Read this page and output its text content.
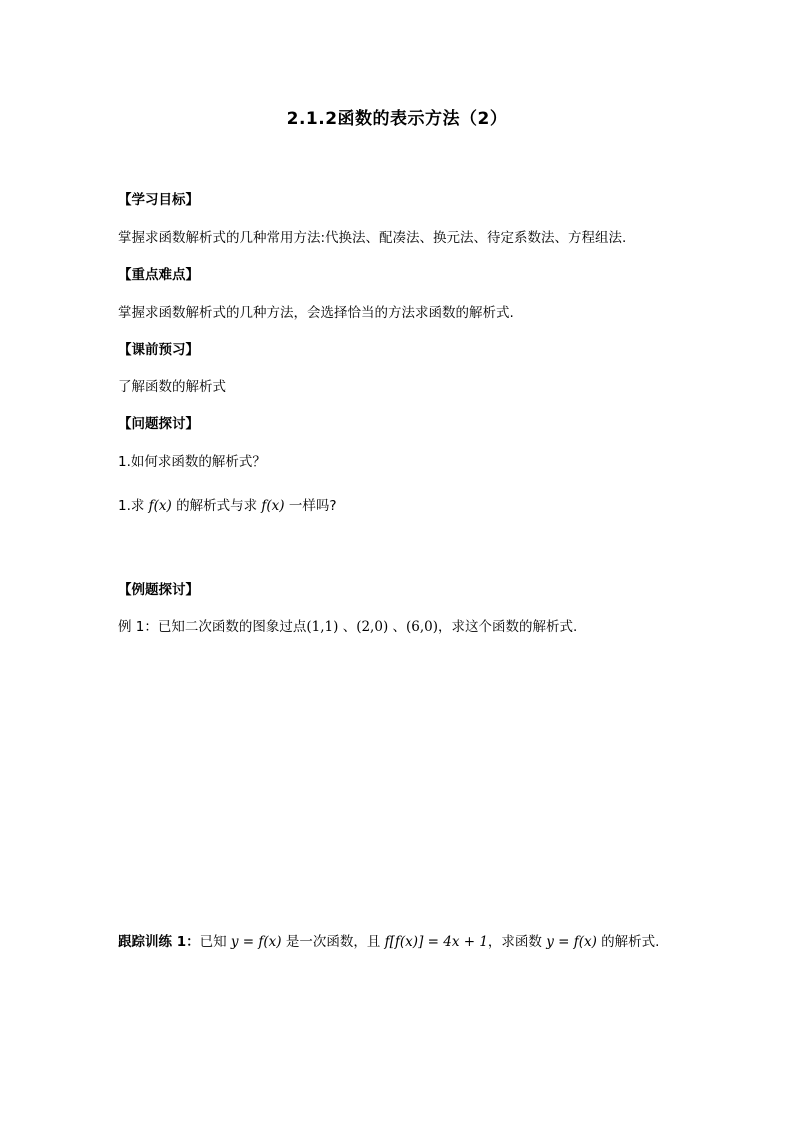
2.1.2函数的表示方法（2）

【学习目标】

掌握求函数解析式的几种常用方法:代换法、配凑法、换元法、待定系数法、方程组法.

【重点难点】

掌握求函数解析式的几种方法，会选择恰当的方法求函数的解析式.

【课前预习】

了解函数的解析式

【问题探讨】

1.如何求函数的解析式？

1.求 f(x) 的解析式与求 f(x) 一样吗?

【例题探讨】

例 1：已知二次函数的图象过点(1,1) 、(2,0) 、(6,0)，求这个函数的解析式.

跟踪训练 1：已知 y = f(x) 是一次函数，且 f[f(x)] = 4x + 1，求函数 y = f(x) 的解析式.
